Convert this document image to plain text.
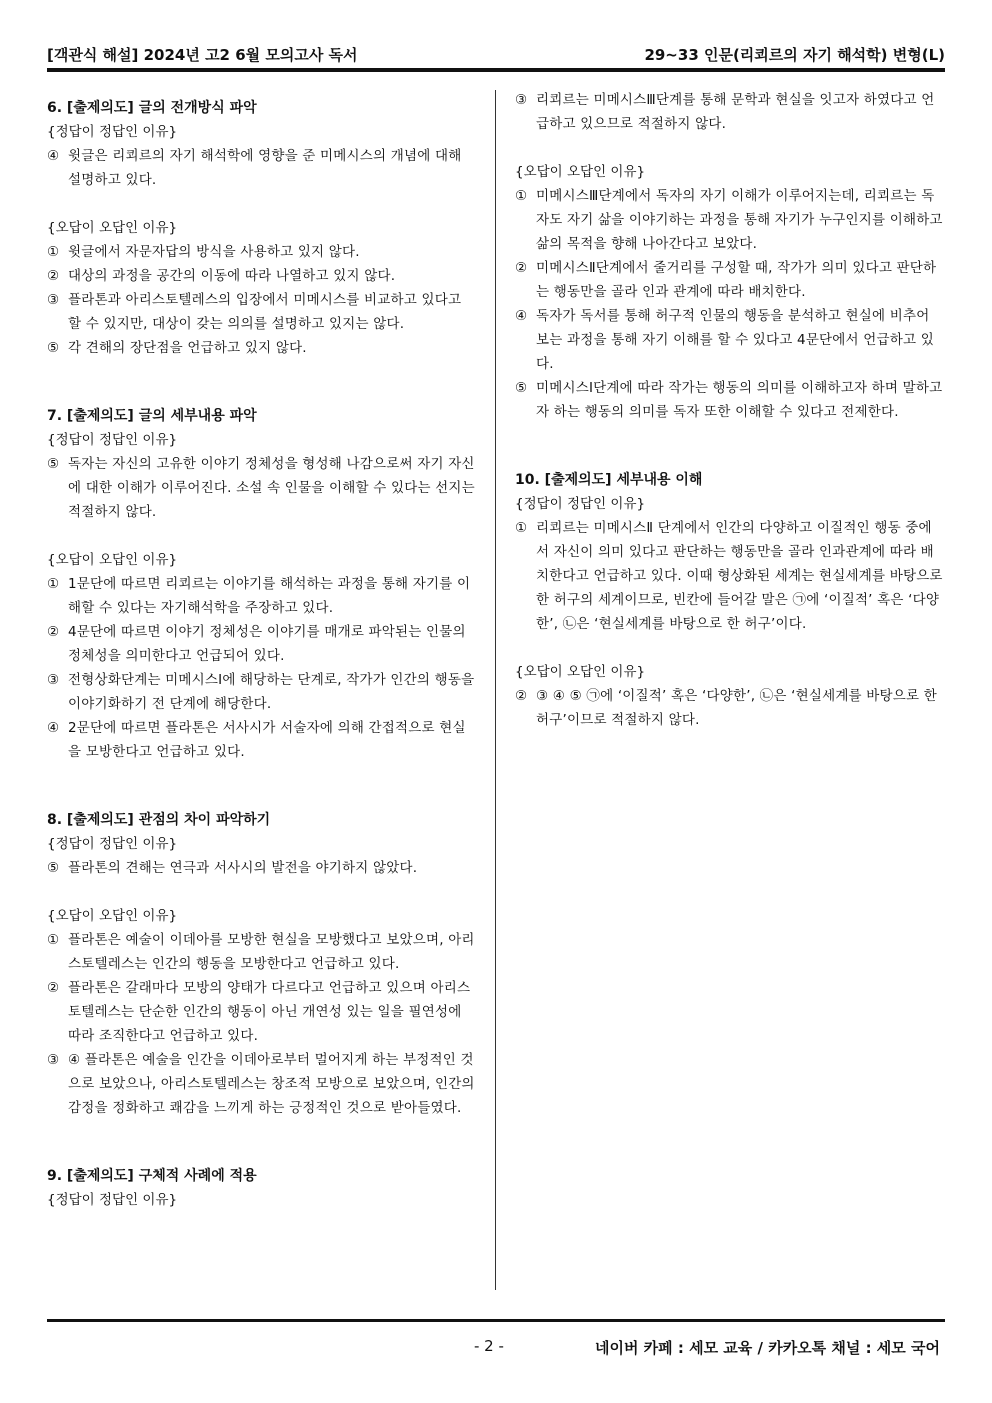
[객관식 해설] 2024년 고2 6월 모의고사 독서	29~33 인문(리쾨르의 자기 해석학) 변형(L)
6. [출제의도] 글의 전개방식 파악
{정답이 정답인 이유}
④ 윗글은 리쾨르의 자기 해석학에 영향을 준 미메시스의 개념에 대해 설명하고 있다.
{오답이 오답인 이유}
① 윗글에서 자문자답의 방식을 사용하고 있지 않다.
② 대상의 과정을 공간의 이동에 따라 나열하고 있지 않다.
③ 플라톤과 아리스토텔레스의 입장에서 미메시스를 비교하고 있다고 할 수 있지만, 대상이 갖는 의의를 설명하고 있지는 않다.
⑤ 각 견해의 장단점을 언급하고 있지 않다.
7. [출제의도] 글의 세부내용 파악
{정답이 정답인 이유}
⑤ 독자는 자신의 고유한 이야기 정체성을 형성해 나감으로써 자기 자신에 대한 이해가 이루어진다. 소설 속 인물을 이해할 수 있다는 선지는 적절하지 않다.
{오답이 오답인 이유}
① 1문단에 따르면 리쾨르는 이야기를 해석하는 과정을 통해 자기를 이해할 수 있다는 자기해석학을 주장하고 있다.
② 4문단에 따르면 이야기 정체성은 이야기를 매개로 파악된는 인물의 정체성을 의미한다고 언급되어 있다.
③ 전형상화단계는 미메시스Ⅰ에 해당하는 단계로, 작가가 인간의 행동을 이야기화하기 전 단계에 해당한다.
④ 2문단에 따르면 플라톤은 서사시가 서술자에 의해 간접적으로 현실을 모방한다고 언급하고 있다.
8. [출제의도] 관점의 차이 파악하기
{정답이 정답인 이유}
⑤ 플라톤의 견해는 연극과 서사시의 발전을 야기하지 않았다.
{오답이 오답인 이유}
① 플라톤은 예술이 이데아를 모방한 현실을 모방했다고 보았으며, 아리스토텔레스는 인간의 행동을 모방한다고 언급하고 있다.
② 플라톤은 갈래마다 모방의 양태가 다르다고 언급하고 있으며 아리스토텔레스는 단순한 인간의 행동이 아닌 개연성 있는 일을 필연성에 따라 조직한다고 언급하고 있다.
③ ④ 플라톤은 예술을 인간을 이데아로부터 멀어지게 하는 부정적인 것으로 보았으나, 아리스토텔레스는 창조적 모방으로 보았으며, 인간의 감정을 정화하고 쾌감을 느끼게 하는 긍정적인 것으로 받아들였다.
9. [출제의도] 구체적 사례에 적용
{정답이 정답인 이유}
③ 리쾨르는 미메시스Ⅲ단계를 통해 문학과 현실을 잇고자 하였다고 언급하고 있으므로 적절하지 않다.
{오답이 오답인 이유}
① 미메시스Ⅲ단계에서 독자의 자기 이해가 이루어지는데, 리쾨르는 독자도 자기 삶을 이야기하는 과정을 통해 자기가 누구인지를 이해하고 삶의 목적을 향해 나아간다고 보았다.
② 미메시스Ⅱ단계에서 줄거리를 구성할 때, 작가가 의미 있다고 판단하는 행동만을 골라 인과 관계에 따라 배치한다.
④ 독자가 독서를 통해 허구적 인물의 행동을 분석하고 현실에 비추어 보는 과정을 통해 자기 이해를 할 수 있다고 4문단에서 언급하고 있다.
⑤ 미메시스Ⅰ단계에 따라 작가는 행동의 의미를 이해하고자 하며 말하고자 하는 행동의 의미를 독자 또한 이해할 수 있다고 전제한다.
10. [출제의도] 세부내용 이해
{정답이 정답인 이유}
① 리쾨르는 미메시스Ⅱ 단계에서 인간의 다양하고 이질적인 행동 중에서 자신이 의미 있다고 판단하는 행동만을 골라 인과관계에 따라 배치한다고 언급하고 있다. 이때 형상화된 세계는 현실세계를 바탕으로 한 허구의 세계이므로, 빈칸에 들어갈 말은 ㉠에 ‘이질적’ 혹은 ‘다양한’, ㉡은 ‘현실세계를 바탕으로 한 허구’이다.
{오답이 오답인 이유}
② ③ ④ ⑤ ㉠에 ‘이질적’ 혹은 ‘다양한’, ㉡은 ‘현실세계를 바탕으로 한 허구’이므로 적절하지 않다.
- 2 -	네이버 카페 : 세모 교육 / 카카오톡 채널 : 세모 국어
